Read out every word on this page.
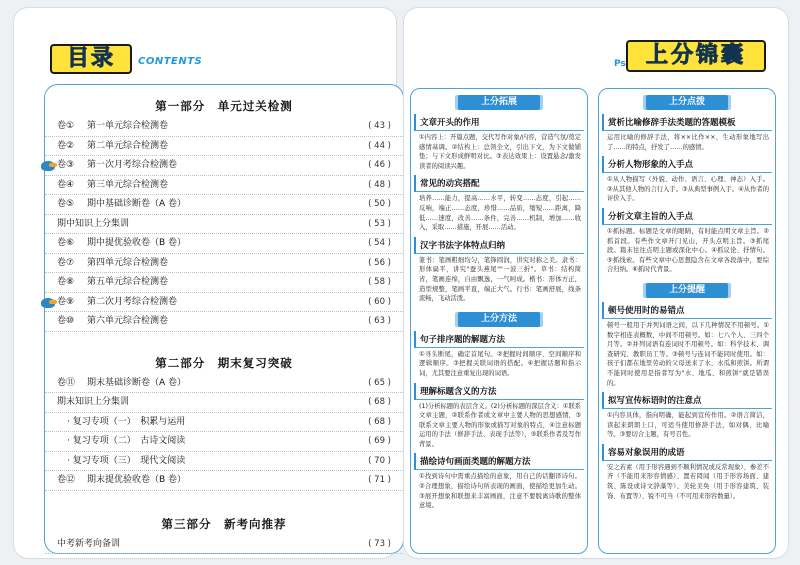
目录	CONTENTS
第一部分　单元过关检测
卷① 第一单元综合检测卷	( 43 )
卷② 第二单元综合检测卷	( 44 )
卷③ 第一次月考综合检测卷	( 46 )
卷④ 第三单元综合检测卷	( 48 )
卷⑤ 期中基础诊断卷（A 卷）	( 50 )
期中知识上分集训	( 53 )
卷⑥ 期中提优验收卷（B 卷）	( 54 )
卷⑦ 第四单元综合检测卷	( 56 )
卷⑧ 第五单元综合检测卷	( 58 )
卷⑨ 第二次月考综合检测卷	( 60 )
卷⑩ 第六单元综合检测卷	( 63 )
第二部分　期末复习突破
卷⑪ 期末基础诊断卷（A 卷）	( 65 )
期末知识上分集训	( 68 )
· 复习专项（一）　积累与运用	( 68 )
· 复习专项（二）　古诗文阅读	( 69 )
· 复习专项（三）　现代文阅读	( 70 )
卷⑫ 期末提优验收卷（B 卷）	( 71 )
第三部分　新考向推荐
中考新考向备训	( 73 )
Ps 上分锦囊
上分拓展
文章开头的作用
①内容上：开篇点题，交代写作对象/内容，营造气氛/奠定感情基调。②结构上：总领全文，引出下文，为下文做铺垫；与下文形成鲜明对比。③表达效果上：设置悬念/激发读者的阅读兴趣。
常见的动宾搭配
培养……能力，提高……水平，转变……态度，引起……反响，端正……态度，珍惜……品质，缩短……距离，降低……速度，改善……条件，完善……机制，增加……收入，采取……措施，开展……活动。
汉字书法字体特点归纳
篆书：笔画粗细均匀，笔锋圆润，讲究对称之美。隶书：形体扁平，讲究"蚕头燕尾""一波三折"。草书：结构简省，笔画连绵，自由飘逸，一气呵成。楷书：形体方正，造型规整，笔画平直，端正大气。行书：笔画舒展，线条流畅，飞动活泼。
上分方法
句子排序题的解题方法
①寻头断尾，确定首尾句。②把握时间顺序、空间顺序和逻辑顺序。③把握关联词语的搭配。④把握话题和指示词，尤其要注意重复出现的词语。
理解标题含义的方法
(1)分析标题的表层含义。(2)分析标题的深层含义：①联系文章主题，②联系作者或文章中主要人物的思想感情，③联系文章主要人物的形象或描写对象的特点，④注意标题运用的手法（修辞手法、表现手法等），⑤联系作者及写作背景。
描绘诗句画面类题的解题方法
①找到诗句中需重点描绘的意象，用自己的话翻译诗句。②合理想象，描绘诗句所表现的画面，使描绘更加生动。③展开想象和联想来丰富画面，注意不要脱离诗歌的整体意境。
上分点拨
赏析比喻修辞手法类题的答题模板
运用比喻的修辞手法，将××比作××，生动形象地写出了……的特点，抒发了……的感情。
分析人物形象的入手点
①从人物描写（外貌、动作、语言、心理、神态）入手。②从其他人物的言行入手。③从典型事例入手。④从作者的评价入手。
分析文章主旨的入手点
①抓标题。标题是文章的眼睛，有时能点明文章主旨。②抓首段。有些作文章开门见山，开头点明主旨。③抓尾段。篇末往往点明主题或深化中心。④抓议论、抒情句。⑤抓线索。有些文章中心思想隐含在文章各段落中，要综合归纳。⑥抓时代背景。
上分提醒
顿号使用时的易错点
顿号一般用于并列词语之间，以下几种情况不用顿号。①数字相连表概数，中间不用顿号。如：七八个人、三四个月等。②并列词语有连词时不用顿号。如：科学技术、调查研究、教职员工等。③顿号与连词不能同时使用。如：孩子们都在地里劳动的父母送来了水、水瓜和煎饼。所谓不能同时使用是指者写为"水、地瓜、和煎饼"就是错误的。
拟写宣传标语时的注意点
①内容具体，指向明确，能起到宣传作用。②语言简洁，读起来朗朗上口，可适当使用修辞手法，如对偶、比喻等。③要切合主题，有号召性。
容易对象误用的成语
安之若素（用于形容遇到不顺利情况或反常现象）、参差不齐（不能用来形容情感）、置若罔闻（用于形容场面、建筑、陈设或诗文辞藻等）、美轮美奂（用于形容建筑、装饰、布置等）、锐不可当（不可用来形容数量）。
